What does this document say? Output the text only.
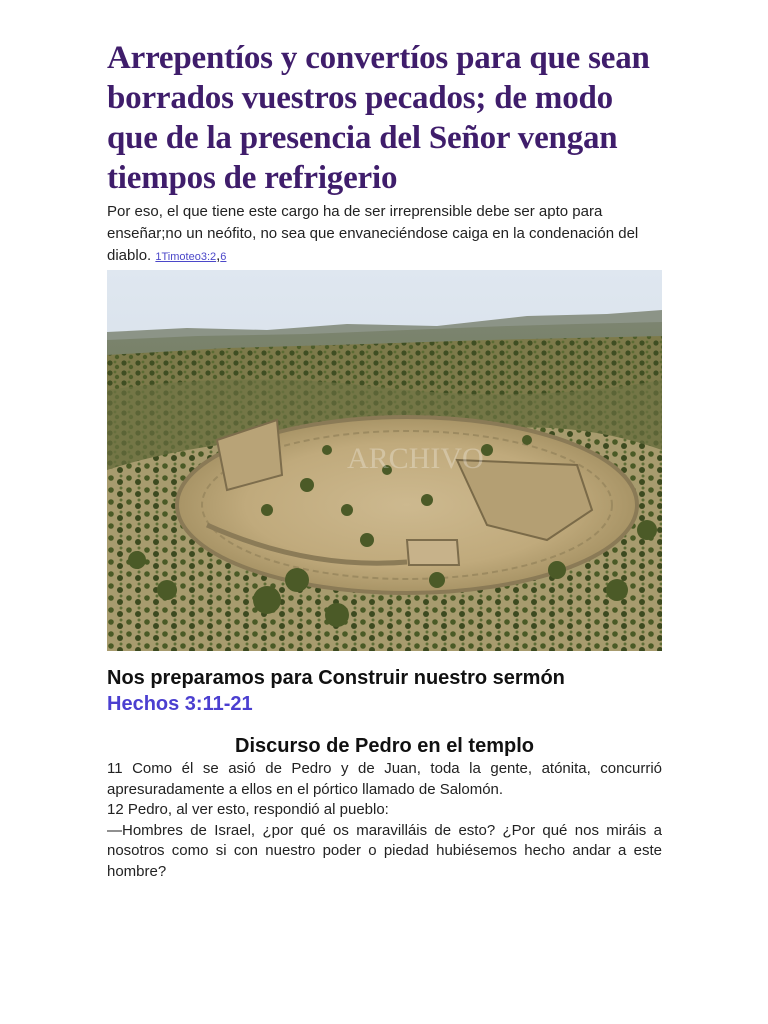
Arrepentíos y convertíos para que sean borrados vuestros pecados; de modo que de la presencia del Señor vengan tiempos de refrigerio

Por eso, el que tiene este cargo ha de ser irreprensible debe ser apto para enseñar;no un neófito, no sea que envaneciéndose caiga en la condenación del diablo. 1Timoteo3:2,6

ARCHIVO

Nos preparamos para Construir nuestro sermón

Hechos 3:11-21

Discurso de Pedro en el templo

11 Como él se asió de Pedro y de Juan, toda la gente, atónita, concurrió apresuradamente a ellos en el pórtico llamado de Salomón.

12 Pedro, al ver esto, respondió al pueblo:

—Hombres de Israel, ¿por qué os maravilláis de esto? ¿Por qué nos miráis a nosotros como si con nuestro poder o piedad hubiésemos hecho andar a este hombre?
